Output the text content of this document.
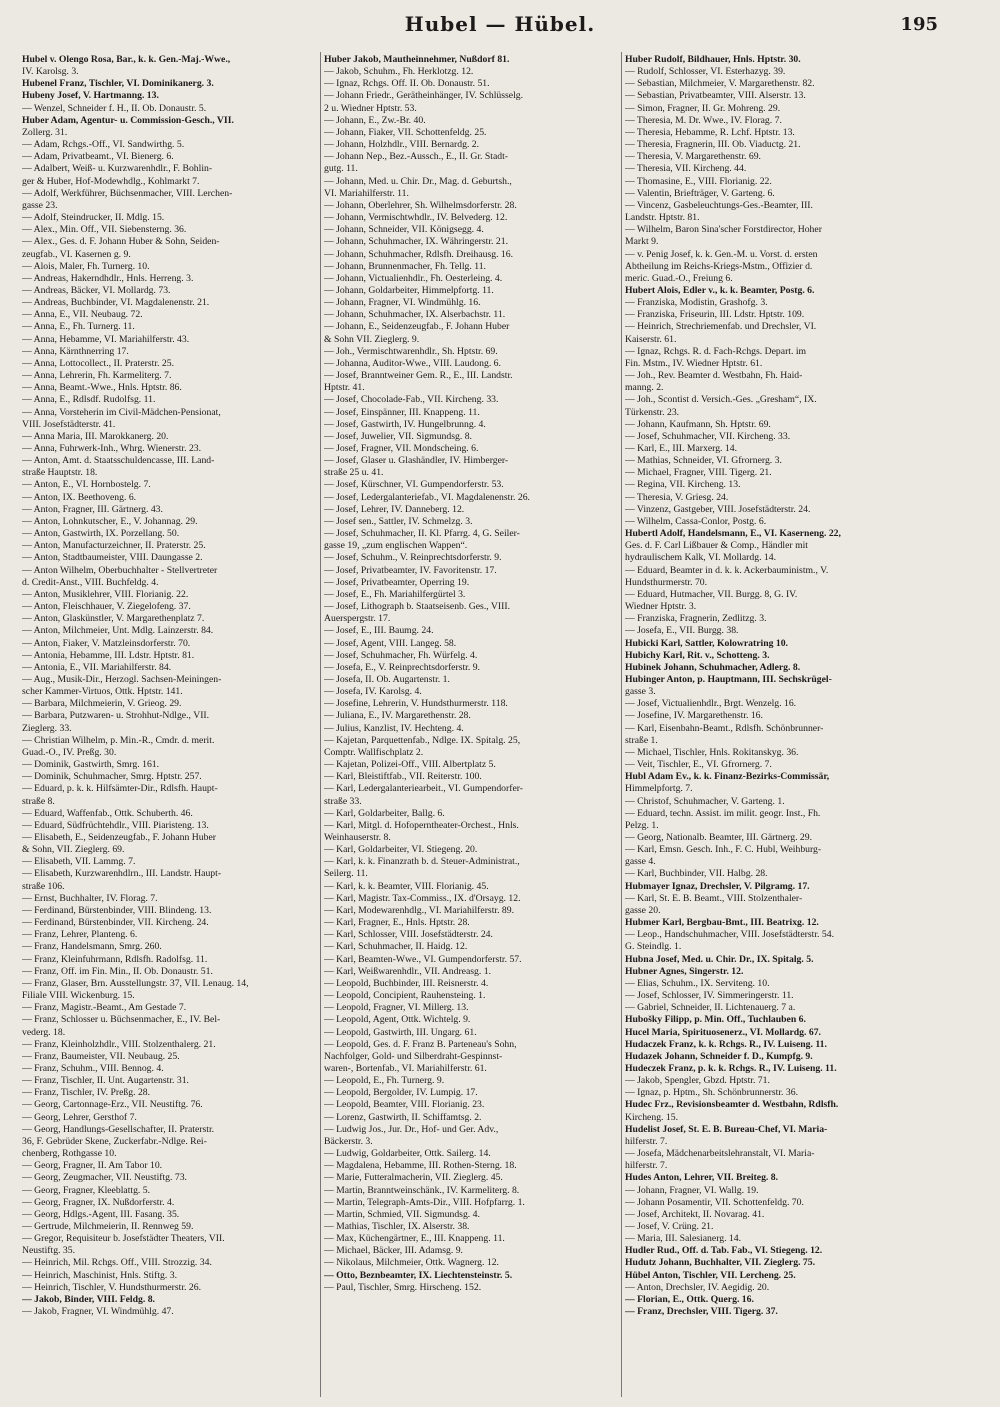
Hubel — Hübel.	195
Hubel v. Olengo Rosa, Bar., k. k. Gen.-Maj.-Wwe.,
IV. Karolsg. 3.
Hubenel Franz, Tischler, VI. Dominikanerg. 3.
Hubeny Josef, V. Hartmanng. 13.
— Wenzel, Schneider f. H., II. Ob. Donaustr. 5.
Huber Adam, Agentur- u. Commission-Gesch., VII.
Zollerg. 31.
— Adam, Rchgs.-Off., VI. Sandwirthg. 5.
— Adam, Privatbeamt., VI. Bienerg. 6.
— Adalbert, Weiß- u. Kurzwarenhdlr., F. Bohlin-
ger & Huber, Hof-Modewhdlg., Kohlmarkt 7.
— Adolf, Werkführer, Büchsenmacher, VIII. Lerchen-
gasse 23.
— Adolf, Steindrucker, II. Mdlg. 15.
— Alex., Min. Off., VII. Siebensterng. 36.
— Alex., Ges. d. F. Johann Huber & Sohn, Seiden-
zeugfab., VI. Kasernen g. 9.
— Alois, Maler, Fh. Turnerg. 10.
— Andreas, Hakerndhdlr., Hnls. Herreng. 3.
— Andreas, Bäcker, VI. Mollardg. 73.
— Andreas, Buchbinder, VI. Magdalenenstr. 21.
— Anna, E., VII. Neubaug. 72.
— Anna, E., Fh. Turnerg. 11.
— Anna, Hebamme, VI. Mariahilferstr. 43.
— Anna, Kärnthnerring 17.
— Anna, Lottocollect., II. Praterstr. 25.
— Anna, Lehrerin, Fh. Karmeliterg. 7.
— Anna, Beamt.-Wwe., Hnls. Hptstr. 86.
— Anna, E., Rdlsdf. Rudolfsg. 11.
— Anna, Vorsteherin im Civil-Mädchen-Pensionat,
VIII. Josefstädterstr. 41.
— Anna Maria, III. Marokkanerg. 20.
— Anna, Fuhrwerk-Inh., Whrg. Wienerstr. 23.
— Anton, Amt. d. Staatsschuldencasse, III. Land-
straße Hauptstr. 18.
— Anton, E., VI. Hornbostelg. 7.
— Anton, IX. Beethoveng. 6.
— Anton, Fragner, III. Gärtnerg. 43.
— Anton, Lohnkutscher, E., V. Johannag. 29.
— Anton, Gastwirth, IX. Porzellang. 50.
— Anton, Manufacturzeichner, II. Praterstr. 25.
— Anton, Stadtbaumeister, VIII. Daungasse 2.
— Anton Wilhelm, Oberbuchhalter - Stellvertreter
d. Credit-Anst., VIII. Buchfeldg. 4.
— Anton, Musiklehrer, VIII. Florianig. 22.
— Anton, Fleischhauer, V. Ziegelofeng. 37.
— Anton, Glaskünstler, V. Margarethenplatz 7.
— Anton, Milchmeier, Unt. Mdlg. Lainzerstr. 84.
— Anton, Fiaker, V. Matzleinsdorferstr. 70.
— Antonia, Hebamme, III. Ldstr. Hptstr. 81.
— Antonia, E., VII. Mariahilferstr. 84.
— Aug., Musik-Dir., Herzogl. Sachsen-Meiningen-
scher Kammer-Virtuos, Ottk. Hptstr. 141.
— Barbara, Milchmeierin, V. Grieog. 29.
— Barbara, Putzwaren- u. Strohhut-Ndlge., VII.
Zieglerg. 33.
— Christian Wilhelm, p. Min.-R., Cmdr. d. merit.
Guad.-O., IV. Preßg. 30.
— Dominik, Gastwirth, Smrg. 161.
— Dominik, Schuhmacher, Smrg. Hptstr. 257.
— Eduard, p. k. k. Hilfsämter-Dir., Rdlsfh. Haupt-
straße 8.
— Eduard, Waffenfab., Ottk. Schuberth. 46.
— Eduard, Südfrüchtehdlr., VIII. Piaristeng. 13.
— Elisabeth, E., Seidenzeugfab., F. Johann Huber
& Sohn, VII. Zieglerg. 69.
— Elisabeth, VII. Lammg. 7.
— Elisabeth, Kurzwarenhdlrn., III. Landstr. Haupt-
straße 106.
— Ernst, Buchhalter, IV. Florag. 7.
— Ferdinand, Bürstenbinder, VIII. Blindeng. 13.
— Ferdinand, Bürstenbinder, VII. Kircheng. 24.
— Franz, Lehrer, Planteng. 6.
— Franz, Handelsmann, Smrg. 260.
— Franz, Kleinfuhrmann, Rdlsfh. Radolfsg. 11.
— Franz, Off. im Fin. Min., II. Ob. Donaustr. 51.
— Franz, Glaser, Brn. Ausstellungstr. 37, VII. Lenaug. 14,
Filiale VIII. Wickenburg. 15.
— Franz, Magistr.-Beamt., Am Gestade 7.
— Franz, Schlosser u. Büchsenmacher, E., IV. Bel-
vederg. 18.
— Franz, Kleinholzhdlr., VIII. Stolzenthalerg. 21.
— Franz, Baumeister, VII. Neubaug. 25.
— Franz, Schuhm., VIII. Bennog. 4.
— Franz, Tischler, II. Unt. Augartenstr. 31.
— Franz, Tischler, IV. Preßg. 28.
— Georg, Cartonnage-Erz., VII. Neustiftg. 76.
— Georg, Lehrer, Gersthof 7.
— Georg, Handlungs-Gesellschafter, II. Praterstr.
36, F. Gebrüder Skene, Zuckerfabr.-Ndlge. Rei-
chenberg, Rothgasse 10.
— Georg, Fragner, II. Am Tabor 10.
— Georg, Zeugmacher, VII. Neustiftg. 73.
— Georg, Fragner, Kleeblattg. 5.
— Georg, Fragner, IX. Nußdorferstr. 4.
— Georg, Hdlgs.-Agent, III. Fasang. 35.
— Gertrude, Milchmeierin, II. Rennweg 59.
— Gregor, Requisiteur b. Josefstädter Theaters, VII.
Neustiftg. 35.
— Heinrich, Mil. Rchgs. Off., VIII. Strozzig. 34.
— Heinrich, Maschinist, Hnls. Stiftg. 3.
— Heinrich, Tischler, V. Hundsthurmerstr. 26.
— Jakob, Binder, VIII. Feldg. 8.
— Jakob, Fragner, VI. Windmühlg. 47.
Huber Jakob, Mautheinnehmer, Nußdorf 81.
— Jakob, Schuhm., Fh. Herklotzg. 12.
— Ignaz, Rchgs. Off. II. Ob. Donaustr. 51.
— Johann Friedr., Gerätheinhänger, IV. Schlüsselg.
2 u. Wiedner Hptstr. 53.
— Johann, E., Zw.-Br. 40.
— Johann, Fiaker, VII. Schottenfeldg. 25.
— Johann, Holzhdlr., VIII. Bernardg. 2.
— Johann Nep., Bez.-Aussch., E., II. Gr. Stadt-
gutg. 11.
— Johann, Med. u. Chir. Dr., Mag. d. Geburtsh.,
VI. Mariahilferstr. 11.
— Johann, Oberlehrer, Sh. Wilhelmsdorferstr. 28.
— Johann, Vermischtwhdlr., IV. Belvederg. 12.
— Johann, Schneider, VII. Königsegg. 4.
— Johann, Schuhmacher, IX. Währingerstr. 21.
— Johann, Schuhmacher, Rdlsfh. Dreihausg. 16.
— Johann, Brunnenmacher, Fh. Tellg. 11.
— Johann, Victualienhdlr., Fh. Oesterleing. 4.
— Johann, Goldarbeiter, Himmelpfortg. 11.
— Johann, Fragner, VI. Windmühlg. 16.
— Johann, Schuhmacher, IX. Alserbachstr. 11.
— Johann, E., Seidenzeugfab., F. Johann Huber
& Sohn VII. Zieglerg. 9.
— Joh., Vermischtwarenhdlr., Sh. Hptstr. 69.
— Johanna, Auditor-Wwe., VIII. Laudong. 6.
— Josef, Branntweiner Gem. R., E., III. Landstr.
Hptstr. 41.
— Josef, Chocolade-Fab., VII. Kircheng. 33.
— Josef, Einspänner, III. Knappeng. 11.
— Josef, Gastwirth, IV. Hungelbrunng. 4.
— Josef, Juwelier, VII. Sigmundsg. 8.
— Josef, Fragner, VII. Mondscheing. 6.
— Josef, Glaser u. Glashändler, IV. Himberger-
straße 25 u. 41.
— Josef, Kürschner, VI. Gumpendorferstr. 53.
— Josef, Ledergalanteriefab., VI. Magdalenenstr. 26.
— Josef, Lehrer, IV. Danneberg. 12.
— Josef sen., Sattler, IV. Schmelzg. 3.
— Josef, Schuhmacher, II. Kl. Pfarrg. 4, G. Seiler-
gasse 19, „zum englischen Wappen“.
— Josef, Schuhm., V. Reinprechtsdorferstr. 9.
— Josef, Privatbeamter, IV. Favoritenstr. 17.
— Josef, Privatbeamter, Operring 19.
— Josef, E., Fh. Mariahilfergürtel 3.
— Josef, Lithograph b. Staatseisenb. Ges., VIII.
Auerspergstr. 17.
— Josef, E., III. Baumg. 24.
— Josef, Agent, VIII. Langeg. 58.
— Josef, Schuhmacher, Fh. Würfelg. 4.
— Josefa, E., V. Reinprechtsdorferstr. 9.
— Josefa, II. Ob. Augartenstr. 1.
— Josefa, IV. Karolsg. 4.
— Josefine, Lehrerin, V. Hundsthurmerstr. 118.
— Juliana, E., IV. Margarethenstr. 28.
— Julius, Kanzlist, IV. Hechteng. 4.
— Kajetan, Parquettenfab., Ndlge. IX. Spitalg. 25,
Comptr. Wallfischplatz 2.
— Kajetan, Polizei-Off., VIII. Albertplatz 5.
— Karl, Bleistiftfab., VII. Reiterstr. 100.
— Karl, Ledergalanteriearbeit., VI. Gumpendorfer-
straße 33.
— Karl, Goldarbeiter, Ballg. 6.
— Karl, Mitgl. d. Hofoperntheater-Orchest., Hnls.
Weinhauserstr. 8.
— Karl, Goldarbeiter, VI. Stiegeng. 20.
— Karl, k. k. Finanzrath b. d. Steuer-Administrat.,
Seilerg. 11.
— Karl, k. k. Beamter, VIII. Florianig. 45.
— Karl, Magistr. Tax-Commiss., IX. d'Orsayg. 12.
— Karl, Modewarenhdlg., VI. Mariahilferstr. 89.
— Karl, Fragner, E., Hnls. Hptstr. 28.
— Karl, Schlosser, VIII. Josefstädterstr. 24.
— Karl, Schuhmacher, II. Haidg. 12.
— Karl, Beamten-Wwe., VI. Gumpendorferstr. 57.
— Karl, Weißwarenhdlr., VII. Andreasg. 1.
— Leopold, Buchbinder, III. Reisnerstr. 4.
— Leopold, Concipient, Rauhensteing. 1.
— Leopold, Fragner, VI. Millerg. 13.
— Leopold, Agent, Ottk. Wichtelg. 9.
— Leopold, Gastwirth, III. Ungarg. 61.
— Leopold, Ges. d. F. Franz B. Parteneau's Sohn,
Nachfolger, Gold- und Silberdraht-Gespinnst-
waren-, Bortenfab., VI. Mariahilferstr. 61.
— Leopold, E., Fh. Turnerg. 9.
— Leopold, Bergolder, IV. Lumpig. 17.
— Leopold, Beamter, VIII. Florianig. 23.
— Lorenz, Gastwirth, II. Schiffamtsg. 2.
— Ludwig Jos., Jur. Dr., Hof- und Ger. Adv.,
Bäckerstr. 3.
— Ludwig, Goldarbeiter, Ottk. Sailerg. 14.
— Magdalena, Hebamme, III. Rothen-Sterng. 18.
— Marie, Futteralmacherin, VII. Zieglerg. 45.
— Martin, Branntweinschänk., IV. Karmeliterg. 8.
— Martin, Telegraph-Amts-Dir., VIII. Hofpfarrg. 1.
— Martin, Schmied, VII. Sigmundsg. 4.
— Mathias, Tischler, IX. Alserstr. 38.
— Max, Küchengärtner, E., III. Knappeng. 11.
— Michael, Bäcker, III. Adamsg. 9.
— Nikolaus, Milchmeier, Ottk. Wagnerg. 12.
— Otto, Beznbeamter, IX. Liechtensteinstr. 5.
— Paul, Tischler, Smrg. Hirscheng. 152.
Huber Rudolf, Bildhauer, Hnls. Hptstr. 30.
— Rudolf, Schlosser, VI. Esterhazyg. 39.
— Sebastian, Milchmeier, V. Margarethenstr. 82.
— Sebastian, Privatbeamter, VIII. Alserstr. 13.
— Simon, Fragner, II. Gr. Mohreng. 29.
— Theresia, M. Dr. Wwe., IV. Florag. 7.
— Theresia, Hebamme, R. Lchf. Hptstr. 13.
— Theresia, Fragnerin, III. Ob. Viaductg. 21.
— Theresia, V. Margarethenstr. 69.
— Theresia, VII. Kircheng. 44.
— Thomasine, E., VIII. Florianig. 22.
— Valentin, Briefträger, V. Garteng. 6.
— Vincenz, Gasbeleuchtungs-Ges.-Beamter, III.
Landstr. Hptstr. 81.
— Wilhelm, Baron Sina'scher Forstdirector, Hoher
Markt 9.
— v. Penig Josef, k. k. Gen.-M. u. Vorst. d. ersten
Abtheilung im Reichs-Kriegs-Mstm., Offizier d.
meric. Guad.-O., Freiung 6.
Hubert Alois, Edler v., k. k. Beamter, Postg. 6.
— Franziska, Modistin, Grashofg. 3.
— Franziska, Friseurin, III. Ldstr. Hptstr. 109.
— Heinrich, Strechriemenfab. und Drechsler, VI.
Kaiserstr. 61.
— Ignaz, Rchgs. R. d. Fach-Rchgs. Depart. im
Fin. Mstm., IV. Wiedner Hptstr. 61.
— Joh., Rev. Beamter d. Westbahn, Fh. Haid-
manng. 2.
— Joh., Scontist d. Versich.-Ges. „Gresham“, IX.
Türkenstr. 23.
— Johann, Kaufmann, Sh. Hptstr. 69.
— Josef, Schuhmacher, VII. Kircheng. 33.
— Karl, E., III. Marxerg. 14.
— Mathias, Schneider, VI. Gfrornerg. 3.
— Michael, Fragner, VIII. Tigerg. 21.
— Regina, VII. Kircheng. 13.
— Theresia, V. Griesg. 24.
— Vinzenz, Gastgeber, VIII. Josefstädterstr. 24.
— Wilhelm, Cassa-Conlor, Postg. 6.
Hubertl Adolf, Handelsmann, E., VI. Kaserneng. 22,
Ges. d. F. Carl Lißbauer & Comp., Händler mit
hydraulischem Kalk, VI. Mollardg. 14.
— Eduard, Beamter in d. k. k. Ackerbauministm., V.
Hundsthurmerstr. 70.
— Eduard, Hutmacher, VII. Burgg. 8, G. IV.
Wiedner Hptstr. 3.
— Franziska, Fragnerin, Zedlitzg. 3.
— Josefa, E., VII. Burgg. 38.
Hubicki Karl, Sattler, Kolowratring 10.
Hubichy Karl, Rit. v., Schotteng. 3.
Hubinek Johann, Schuhmacher, Adlerg. 8.
Hubinger Anton, p. Hauptmann, III. Sechskrügel-
gasse 3.
— Josef, Victualienhdlr., Brgt. Wenzelg. 16.
— Josefine, IV. Margarethenstr. 16.
— Karl, Eisenbahn-Beamt., Rdlsfh. Schönbrunner-
straße 1.
— Michael, Tischler, Hnls. Rokitanskyg. 36.
— Veit, Tischler, E., VI. Gfrornerg. 7.
Hubl Adam Ev., k. k. Finanz-Bezirks-Commissär,
Himmelpfortg. 7.
— Christof, Schuhmacher, V. Garteng. 1.
— Eduard, techn. Assist. im milit. geogr. Inst., Fh.
Pelzg. 1.
— Georg, Nationalb. Beamter, III. Gärtnerg. 29.
— Karl, Emsn. Gesch. Inh., F. C. Hubl, Weihburg-
gasse 4.
— Karl, Buchbinder, VII. Halbg. 28.
Hubmayer Ignaz, Drechsler, V. Pilgramg. 17.
— Karl, St. E. B. Beamt., VIII. Stolzenthaler-
gasse 20.
Hubmer Karl, Bergbau-Bmt., III. Beatrixg. 12.
— Leop., Handschuhmacher, VIII. Josefstädterstr. 54.
G. Steindlg. 1.
Hubna Josef, Med. u. Chir. Dr., IX. Spitalg. 5.
Hubner Agnes, Singerstr. 12.
— Elias, Schuhm., IX. Serviteng. 10.
— Josef, Schlosser, IV. Simmeringerstr. 11.
— Gabriel, Schneider, II. Lichtenauerg. 7 a.
Hubošky Filipp, p. Min. Off., Tuchlauben 6.
Hucel Maria, Spirituosenerz., VI. Mollardg. 67.
Hudaczek Franz, k. k. Rchgs. R., IV. Luiseng. 11.
Hudazek Johann, Schneider f. D., Kumpfg. 9.
Hudeczek Franz, p. k. k. Rchgs. R., IV. Luiseng. 11.
— Jakob, Spengler, Gbzd. Hptstr. 71.
— Ignaz, p. Hptm., Sh. Schönbrunnerstr. 36.
Hudec Frz., Revisionsbeamter d. Westbahn, Rdlsfh.
Kircheng. 15.
Hudelist Josef, St. E. B. Bureau-Chef, VI. Maria-
hilferstr. 7.
— Josefa, Mädchenarbeitslehranstalt, VI. Maria-
hilferstr. 7.
Hudes Anton, Lehrer, VII. Breiteg. 8.
— Johann, Fragner, VI. Wallg. 19.
— Johann Posamentir, VII. Schottenfeldg. 70.
— Josef, Architekt, II. Novarag. 41.
— Josef, V. Crüng. 21.
— Maria, III. Salesianerg. 14.
Hudler Rud., Off. d. Tab. Fab., VI. Stiegeng. 12.
Hudutz Johann, Buchhalter, VII. Zieglerg. 75.
Hübel Anton, Tischler, VII. Lercheng. 25.
— Anton, Drechsler, IV. Aegidig. 20.
— Florian, E., Ottk. Querg. 16.
— Franz, Drechsler, VIII. Tigerg. 37.
